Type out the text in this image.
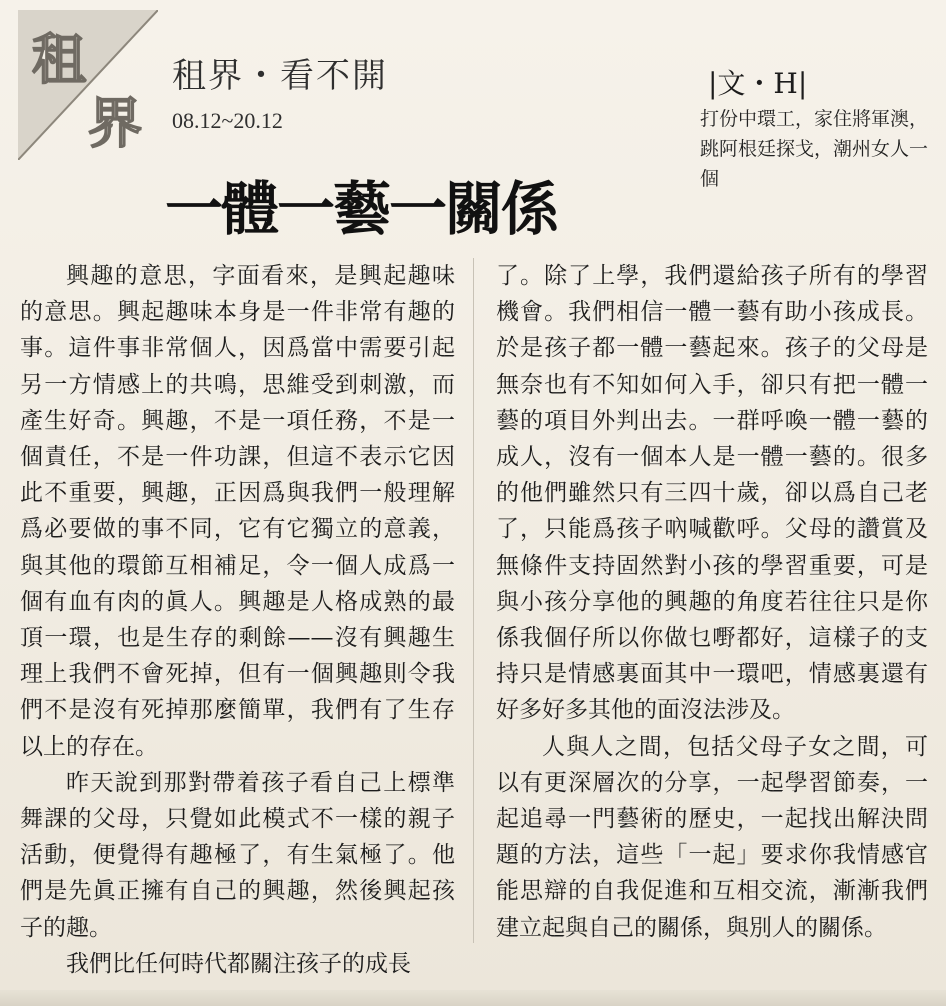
租
界
租界・看不開
08.12~20.12
一體一藝一關係
|文・H|
打份中環工，家住將軍澳，跳阿根廷探戈，潮州女人一個

興趣的意思，字面看來，是興起趣味的意思。興起趣味本身是一件非常有趣的事。這件事非常個人，因爲當中需要引起另一方情感上的共鳴，思維受到刺激，而產生好奇。興趣，不是一項任務，不是一個責任，不是一件功課，但這不表示它因此不重要，興趣，正因爲與我們一般理解爲必要做的事不同，它有它獨立的意義，與其他的環節互相補足，令一個人成爲一個有血有肉的眞人。興趣是人格成熟的最頂一環，也是生存的剩餘——沒有興趣生理上我們不會死掉，但有一個興趣則令我們不是沒有死掉那麼簡單，我們有了生存以上的存在。

昨天說到那對帶着孩子看自己上標準舞課的父母，只覺如此模式不一樣的親子活動，便覺得有趣極了，有生氣極了。他們是先眞正擁有自己的興趣，然後興起孩子的趣。

我們比任何時代都關注孩子的成長

了。除了上學，我們還給孩子所有的學習機會。我們相信一體一藝有助小孩成長。於是孩子都一體一藝起來。孩子的父母是無奈也有不知如何入手，卻只有把一體一藝的項目外判出去。一群呼喚一體一藝的成人，沒有一個本人是一體一藝的。很多的他們雖然只有三四十歲，卻以爲自己老了，只能爲孩子吶喊歡呼。父母的讚賞及無條件支持固然對小孩的學習重要，可是與小孩分享他的興趣的角度若往往只是你係我個仔所以你做乜嘢都好，這樣子的支持只是情感裏面其中一環吧，情感裏還有好多好多其他的面沒法涉及。

人與人之間，包括父母子女之間，可以有更深層次的分享，一起學習節奏，一起追尋一門藝術的歷史，一起找出解決問題的方法，這些「一起」要求你我情感官能思辯的自我促進和互相交流，漸漸我們建立起與自己的關係，與別人的關係。
